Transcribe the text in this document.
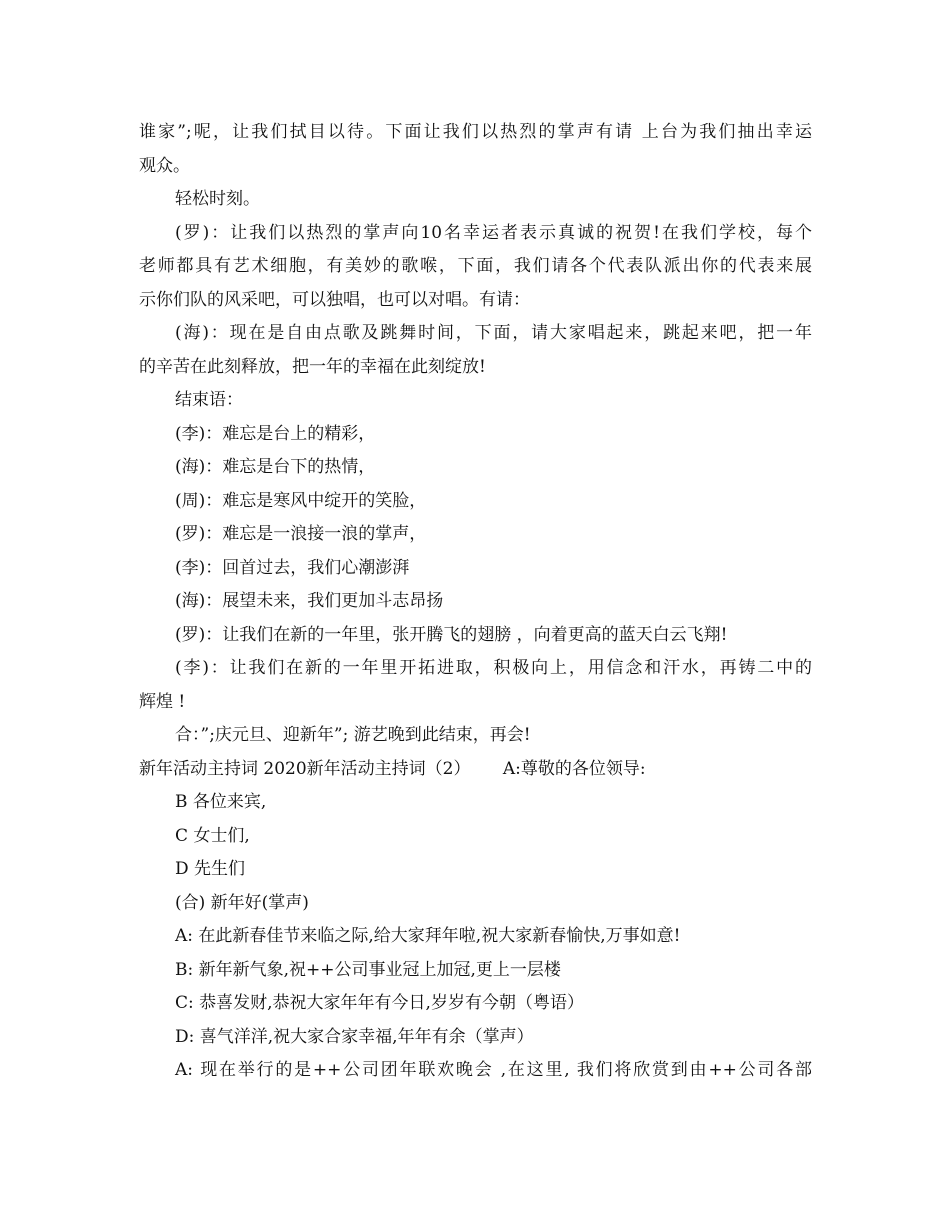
谁家”;呢，让我们拭目以待。下面让我们以热烈的掌声有请 上台为我们抽出幸运
观众。
轻松时刻。
(罗)：让我们以热烈的掌声向10名幸运者表示真诚的祝贺!在我们学校，每个
老师都具有艺术细胞，有美妙的歌喉，下面，我们请各个代表队派出你的代表来展
示你们队的风采吧，可以独唱，也可以对唱。有请：
(海)：现在是自由点歌及跳舞时间，下面，请大家唱起来，跳起来吧，把一年
的辛苦在此刻释放，把一年的幸福在此刻绽放!
结束语：
(李)：难忘是台上的精彩，
(海)：难忘是台下的热情，
(周)：难忘是寒风中绽开的笑脸，
(罗)：难忘是一浪接一浪的掌声，
(李)：回首过去，我们心潮澎湃
(海)：展望未来，我们更加斗志昂扬
(罗)：让我们在新的一年里，张开腾飞的翅膀 ，向着更高的蓝天白云飞翔!
(李)：让我们在新的一年里开拓进取，积极向上，用信念和汗水，再铸二中的
辉煌 !
合：”;庆元旦、迎新年”; 游艺晚到此结束，再会!
新年活动主持词 2020新年活动主持词（2）      A:尊敬的各位领导:
B 各位来宾,
C 女士们,
D 先生们
(合) 新年好(掌声)
A: 在此新春佳节来临之际,给大家拜年啦,祝大家新春愉快,万事如意!
B: 新年新气象,祝++公司事业冠上加冠,更上一层楼
C: 恭喜发财,恭祝大家年年有今日,岁岁有今朝（粤语）
D: 喜气洋洋,祝大家合家幸福,年年有余（掌声）
A: 现在举行的是++公司团年联欢晚会 ,在这里, 我们将欣赏到由++公司各部
